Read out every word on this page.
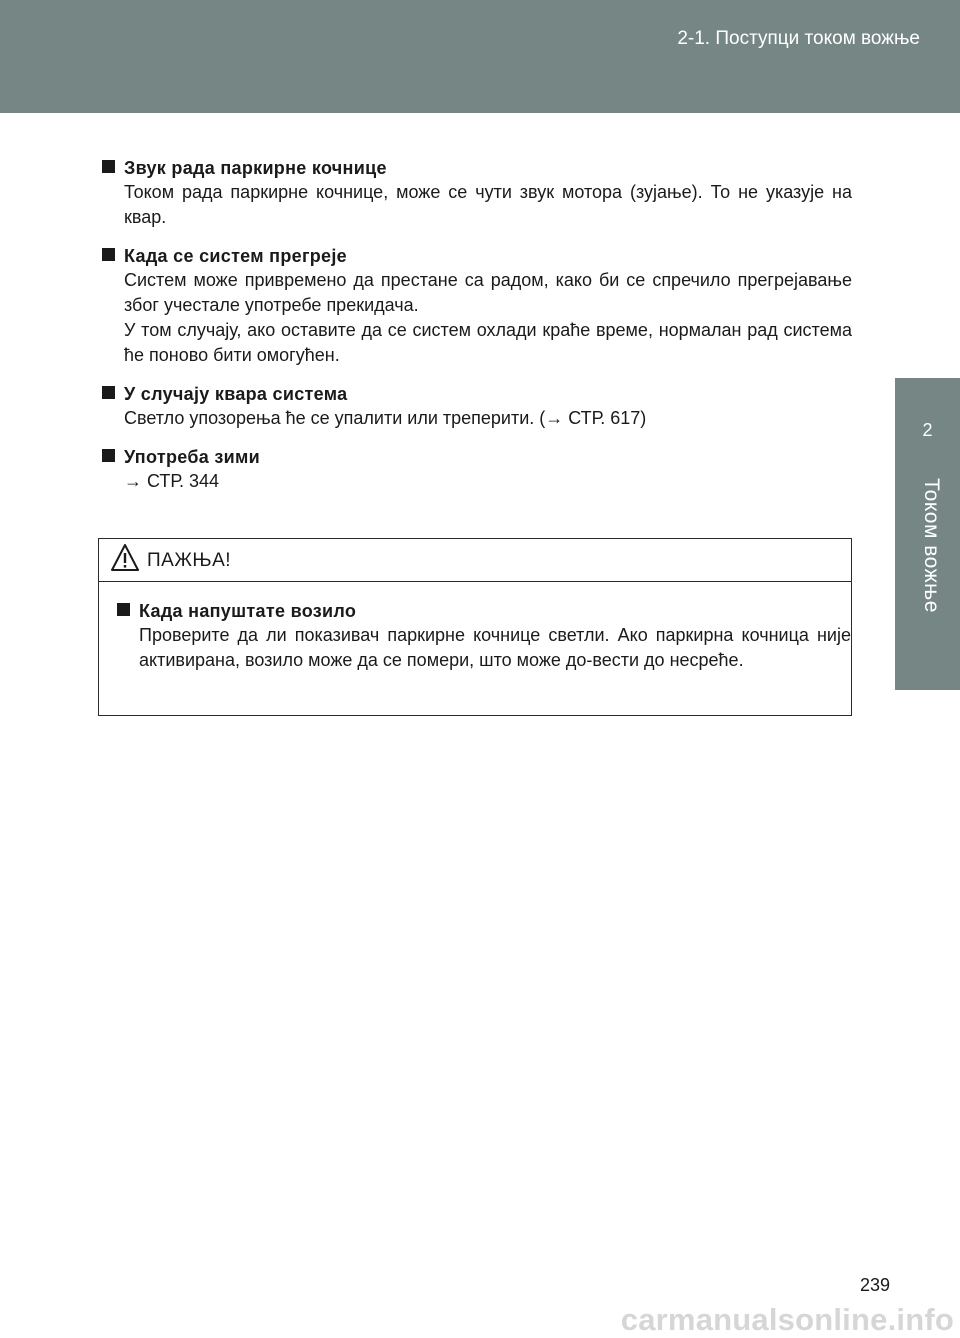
2-1. Поступци током вожње
2
Током вожње
Звук рада паркирне кочнице

Током рада паркирне кочнице, може се чути звук мотора (зујање). То не указује на квар.

Када се систем прегреје

Систем може привремено да престане са радом, како би се спречило прегрејавање због учестале употребе прекидача.

У том случају, ако оставите да се систем охлади краће време, нормалан рад система ће поново бити омогућен.

У случају квара система

Светло упозорења ће се упалити или треперити. (→ СТР. 617)

Употреба зими

→ СТР. 344

ПАЖЊА!
Када напуштате возило

Проверите да ли показивач паркирне кочнице светли. Ако паркирна кочница није активирана, возило може да се помери, што може до-вести до несреће.

239
carmanualsonline.info
